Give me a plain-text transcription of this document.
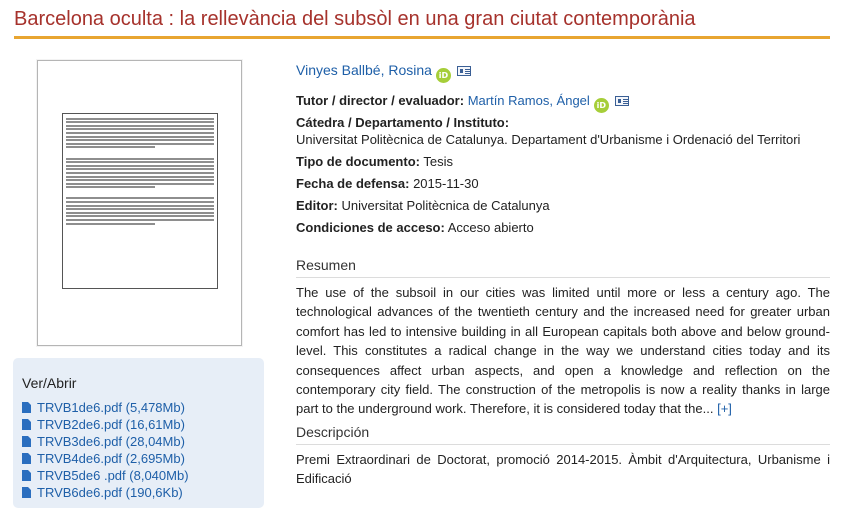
Barcelona oculta : la rellevància del subsòl en una gran ciutat contemporània
Ver/Abrir
TRVB1de6.pdf (5,478Mb)
TRVB2de6.pdf (16,61Mb)
TRVB3de6.pdf (28,04Mb)
TRVB4de6.pdf (2,695Mb)
TRVB5de6 .pdf (8,040Mb)
TRVB6de6.pdf (190,6Kb)
Vinyes Ballbé, Rosina iD
Tutor / director / evaluador: Martín Ramos, Ángel iD
Cátedra / Departamento / Instituto:
Universitat Politècnica de Catalunya. Departament d'Urbanisme i Ordenació del Territori
Tipo de documento: Tesis
Fecha de defensa: 2015-11-30
Editor: Universitat Politècnica de Catalunya
Condiciones de acceso: Acceso abierto
Resumen
The use of the subsoil in our cities was limited until more or less a century ago. The technological advances of the twentieth century and the increased need for greater urban comfort has led to intensive building in all European capitals both above and below ground-level. This constitutes a radical change in the way we understand cities today and its consequences affect urban aspects, and open a knowledge and reflection on the contemporary city field. The construction of the metropolis is now a reality thanks in large part to the underground work. Therefore, it is considered today that the... [+]
Descripción
Premi Extraordinari de Doctorat, promoció 2014-2015. Àmbit d'Arquitectura, Urbanisme i Edificació
